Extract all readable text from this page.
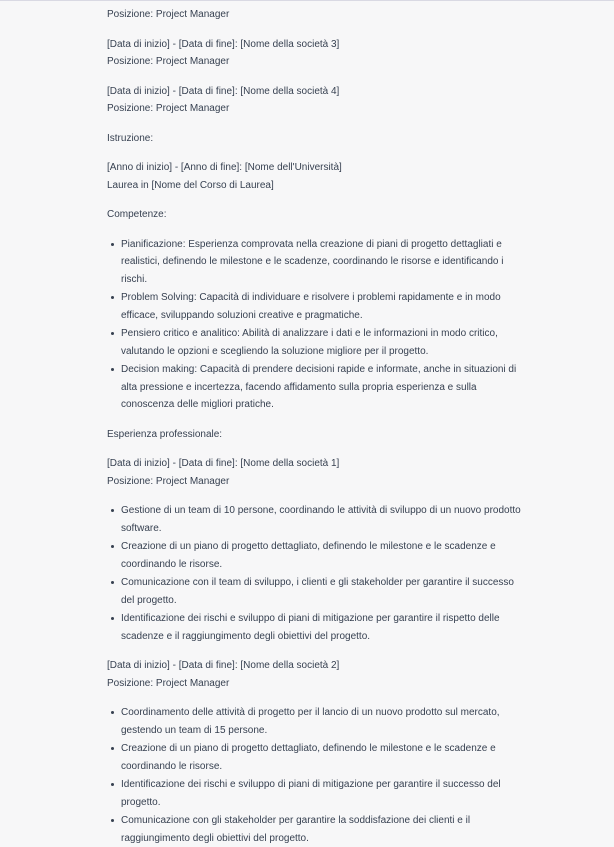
Posizione: Project Manager

[Data di inizio] - [Data di fine]: [Nome della società 3]
Posizione: Project Manager

[Data di inizio] - [Data di fine]: [Nome della società 4]
Posizione: Project Manager

Istruzione:

[Anno di inizio] - [Anno di fine]: [Nome dell'Università]
Laurea in [Nome del Corso di Laurea]

Competenze:

Pianificazione: Esperienza comprovata nella creazione di piani di progetto dettagliati e realistici, definendo le milestone e le scadenze, coordinando le risorse e identificando i rischi.
Problem Solving: Capacità di individuare e risolvere i problemi rapidamente e in modo efficace, sviluppando soluzioni creative e pragmatiche.
Pensiero critico e analitico: Abilità di analizzare i dati e le informazioni in modo critico, valutando le opzioni e scegliendo la soluzione migliore per il progetto.
Decision making: Capacità di prendere decisioni rapide e informate, anche in situazioni di alta pressione e incertezza, facendo affidamento sulla propria esperienza e sulla conoscenza delle migliori pratiche.

Esperienza professionale:

[Data di inizio] - [Data di fine]: [Nome della società 1]
Posizione: Project Manager

Gestione di un team di 10 persone, coordinando le attività di sviluppo di un nuovo prodotto software.
Creazione di un piano di progetto dettagliato, definendo le milestone e le scadenze e coordinando le risorse.
Comunicazione con il team di sviluppo, i clienti e gli stakeholder per garantire il successo del progetto.
Identificazione dei rischi e sviluppo di piani di mitigazione per garantire il rispetto delle scadenze e il raggiungimento degli obiettivi del progetto.

[Data di inizio] - [Data di fine]: [Nome della società 2]
Posizione: Project Manager

Coordinamento delle attività di progetto per il lancio di un nuovo prodotto sul mercato, gestendo un team di 15 persone.
Creazione di un piano di progetto dettagliato, definendo le milestone e le scadenze e coordinando le risorse.
Identificazione dei rischi e sviluppo di piani di mitigazione per garantire il successo del progetto.
Comunicazione con gli stakeholder per garantire la soddisfazione dei clienti e il raggiungimento degli obiettivi del progetto.
